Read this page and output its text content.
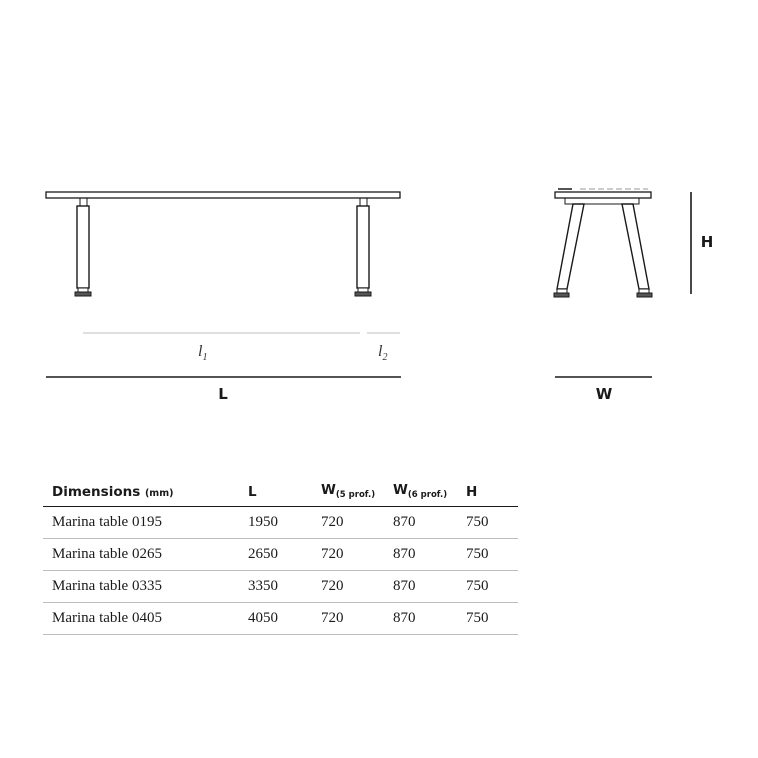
$l_1$	$l_2$
L	W
H
Dimensions (mm)	L	$W_{(5 prof.)}$	$W_{(6 prof.)}$	H
Marina table 0195	1950	720	870	750
Marina table 0265	2650	720	870	750
Marina table 0335	3350	720	870	750
Marina table 0405	4050	720	870	750
